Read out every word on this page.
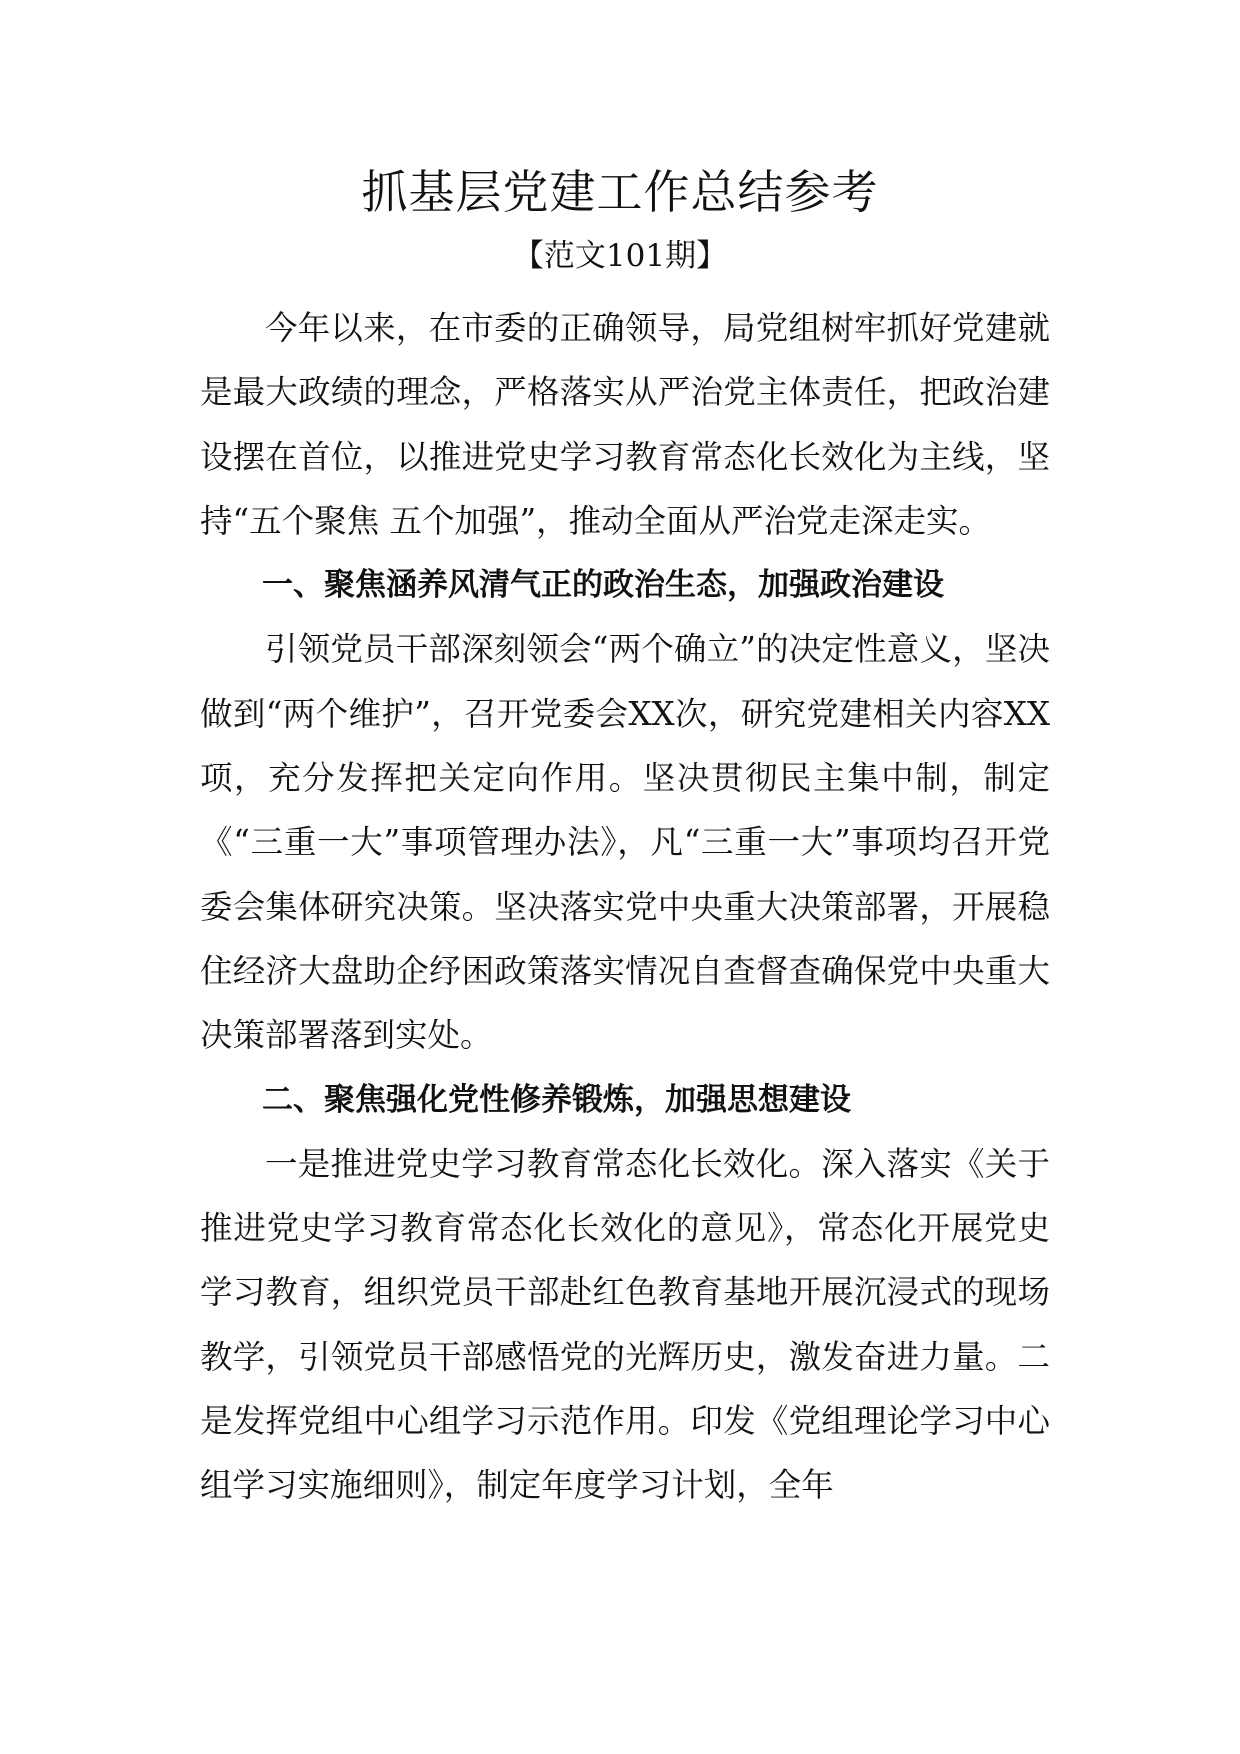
抓基层党建工作总结参考
【范文101期】

今年以来，在市委的正确领导，局党组树牢抓好党建就是最大政绩的理念，严格落实从严治党主体责任，把政治建设摆在首位，以推进党史学习教育常态化长效化为主线，坚持“五个聚焦 五个加强”，推动全面从严治党走深走实。

一、聚焦涵养风清气正的政治生态，加强政治建设

引领党员干部深刻领会“两个确立”的决定性意义，坚决做到“两个维护”，召开党委会XX次，研究党建相关内容XX项，充分发挥把关定向作用。坚决贯彻民主集中制，制定《“三重一大”事项管理办法》，凡“三重一大”事项均召开党委会集体研究决策。坚决落实党中央重大决策部署，开展稳住经济大盘助企纾困政策落实情况自查督查确保党中央重大决策部署落到实处。

二、聚焦强化党性修养锻炼，加强思想建设

一是推进党史学习教育常态化长效化。深入落实《关于推进党史学习教育常态化长效化的意见》，常态化开展党史学习教育，组织党员干部赴红色教育基地开展沉浸式的现场教学，引领党员干部感悟党的光辉历史，激发奋进力量。二是发挥党组中心组学习示范作用。印发《党组理论学习中心组学习实施细则》，制定年度学习计划，全年
